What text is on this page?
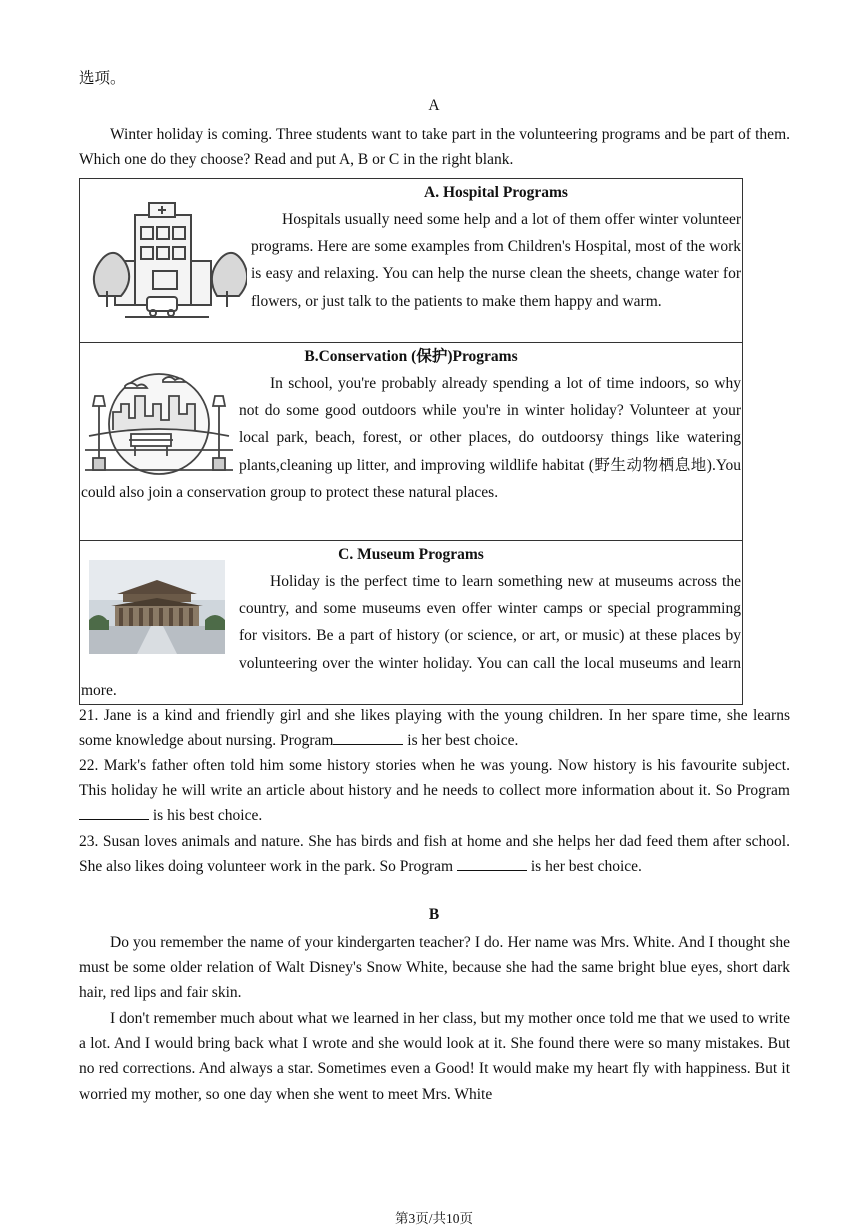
选项。
A
Winter holiday is coming. Three students want to take part in the volunteering programs and be part of them. Which one do they choose? Read and put A, B or C in the right blank.
A. Hospital Programs
Hospitals usually need some help and a lot of them offer winter volunteer programs. Here are some examples from Children's Hospital, most of the work is easy and relaxing. You can help the nurse clean the sheets, change water for flowers, or just talk to the patients to make them happy and warm.

B.Conservation (保护)Programs
In school, you're probably already spending a lot of time indoors, so why not do some good outdoors while you're in winter holiday? Volunteer at your local park, beach, forest, or other places, do outdoorsy things like watering plants,cleaning up litter, and improving wildlife habitat (野生动物栖息地).You could also join a conservation group to protect these natural places.

C. Museum Programs
Holiday is the perfect time to learn something new at museums across the country, and some museums even offer winter camps or special programming for visitors. Be a part of history (or science, or art, or music) at these places by volunteering over the winter holiday. You can call the local museums and learn more.
21. Jane is a kind and friendly girl and she likes playing with the young children. In her spare time, she learns some knowledge about nursing. Program	is her best choice.
22. Mark's father often told him some history stories when he was young. Now history is his favourite subject. This holiday he will write an article about history and he needs to collect more information about it. So Program is his best choice.
23. Susan loves animals and nature. She has birds and fish at home and she helps her dad feed them after school. She also likes doing volunteer work in the park. So Program	is her best choice.
B
Do you remember the name of your kindergarten teacher? I do. Her name was Mrs. White. And I thought she must be some older relation of Walt Disney's Snow White, because she had the same bright blue eyes, short dark hair, red lips and fair skin.
I don't remember much about what we learned in her class, but my mother once told me that we used to write a lot. And I would bring back what I wrote and she would look at it. She found there were so many mistakes. But no red corrections. And always a star. Sometimes even a Good! It would make my heart fly with happiness. But it worried my mother, so one day when she went to meet Mrs. White
第3页/共10页
